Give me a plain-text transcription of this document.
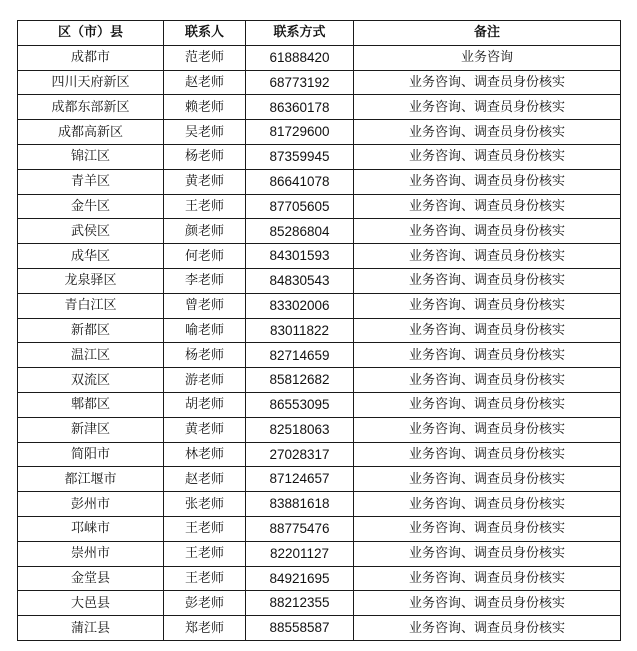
区（市）县	联系人	联系方式	备注
成都市	范老师	61888420	业务咨询
四川天府新区	赵老师	68773192	业务咨询、调查员身份核实
成都东部新区	赖老师	86360178	业务咨询、调查员身份核实
成都高新区	吴老师	81729600	业务咨询、调查员身份核实
锦江区	杨老师	87359945	业务咨询、调查员身份核实
青羊区	黄老师	86641078	业务咨询、调查员身份核实
金牛区	王老师	87705605	业务咨询、调查员身份核实
武侯区	颜老师	85286804	业务咨询、调查员身份核实
成华区	何老师	84301593	业务咨询、调查员身份核实
龙泉驿区	李老师	84830543	业务咨询、调查员身份核实
青白江区	曾老师	83302006	业务咨询、调查员身份核实
新都区	喻老师	83011822	业务咨询、调查员身份核实
温江区	杨老师	82714659	业务咨询、调查员身份核实
双流区	游老师	85812682	业务咨询、调查员身份核实
郫都区	胡老师	86553095	业务咨询、调查员身份核实
新津区	黄老师	82518063	业务咨询、调查员身份核实
简阳市	林老师	27028317	业务咨询、调查员身份核实
都江堰市	赵老师	87124657	业务咨询、调查员身份核实
彭州市	张老师	83881618	业务咨询、调查员身份核实
邛崃市	王老师	88775476	业务咨询、调查员身份核实
崇州市	王老师	82201127	业务咨询、调查员身份核实
金堂县	王老师	84921695	业务咨询、调查员身份核实
大邑县	彭老师	88212355	业务咨询、调查员身份核实
蒲江县	郑老师	88558587	业务咨询、调查员身份核实
